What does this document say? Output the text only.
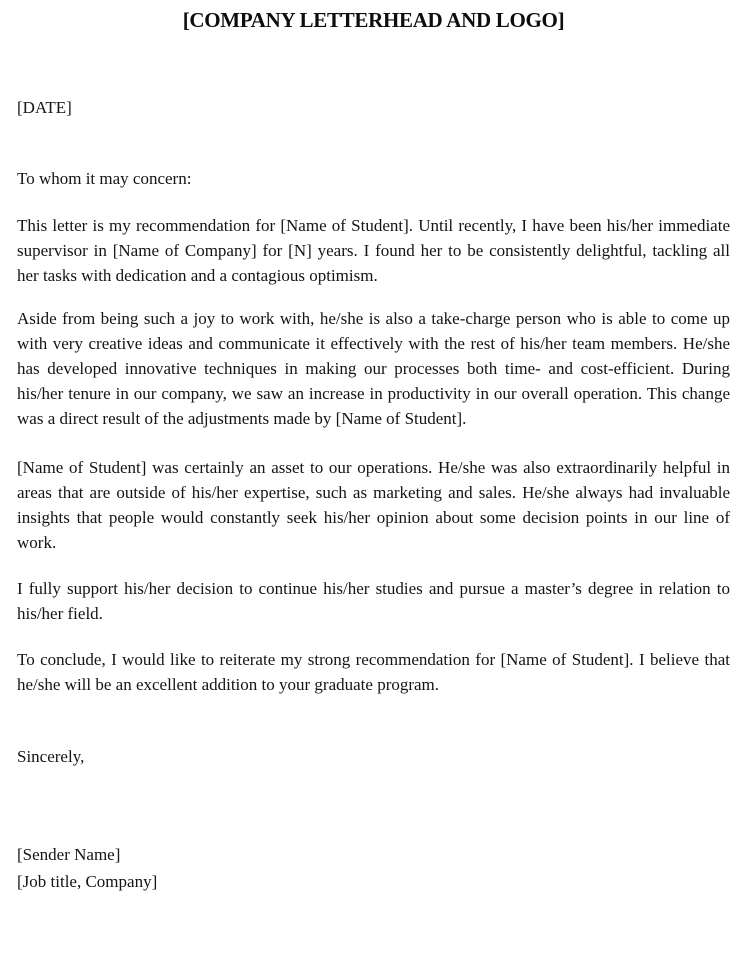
[COMPANY LETTERHEAD AND LOGO]

[DATE]

To whom it may concern:

This letter is my recommendation for [Name of Student]. Until recently, I have been his/her immediate supervisor in [Name of Company] for [N] years. I found her to be consistently delightful, tackling all her tasks with dedication and a contagious optimism.

Aside from being such a joy to work with, he/she is also a take-charge person who is able to come up with very creative ideas and communicate it effectively with the rest of his/her team members. He/she has developed innovative techniques in making our processes both time- and cost-efficient. During his/her tenure in our company, we saw an increase in productivity in our overall operation. This change was a direct result of the adjustments made by [Name of Student].

[Name of Student] was certainly an asset to our operations. He/she was also extraordinarily helpful in areas that are outside of his/her expertise, such as marketing and sales. He/she always had invaluable insights that people would constantly seek his/her opinion about some decision points in our line of work.

I fully support his/her decision to continue his/her studies and pursue a master’s degree in relation to his/her field.

To conclude, I would like to reiterate my strong recommendation for [Name of Student]. I believe that he/she will be an excellent addition to your graduate program.

Sincerely,

[Sender Name]

[Job title, Company]
